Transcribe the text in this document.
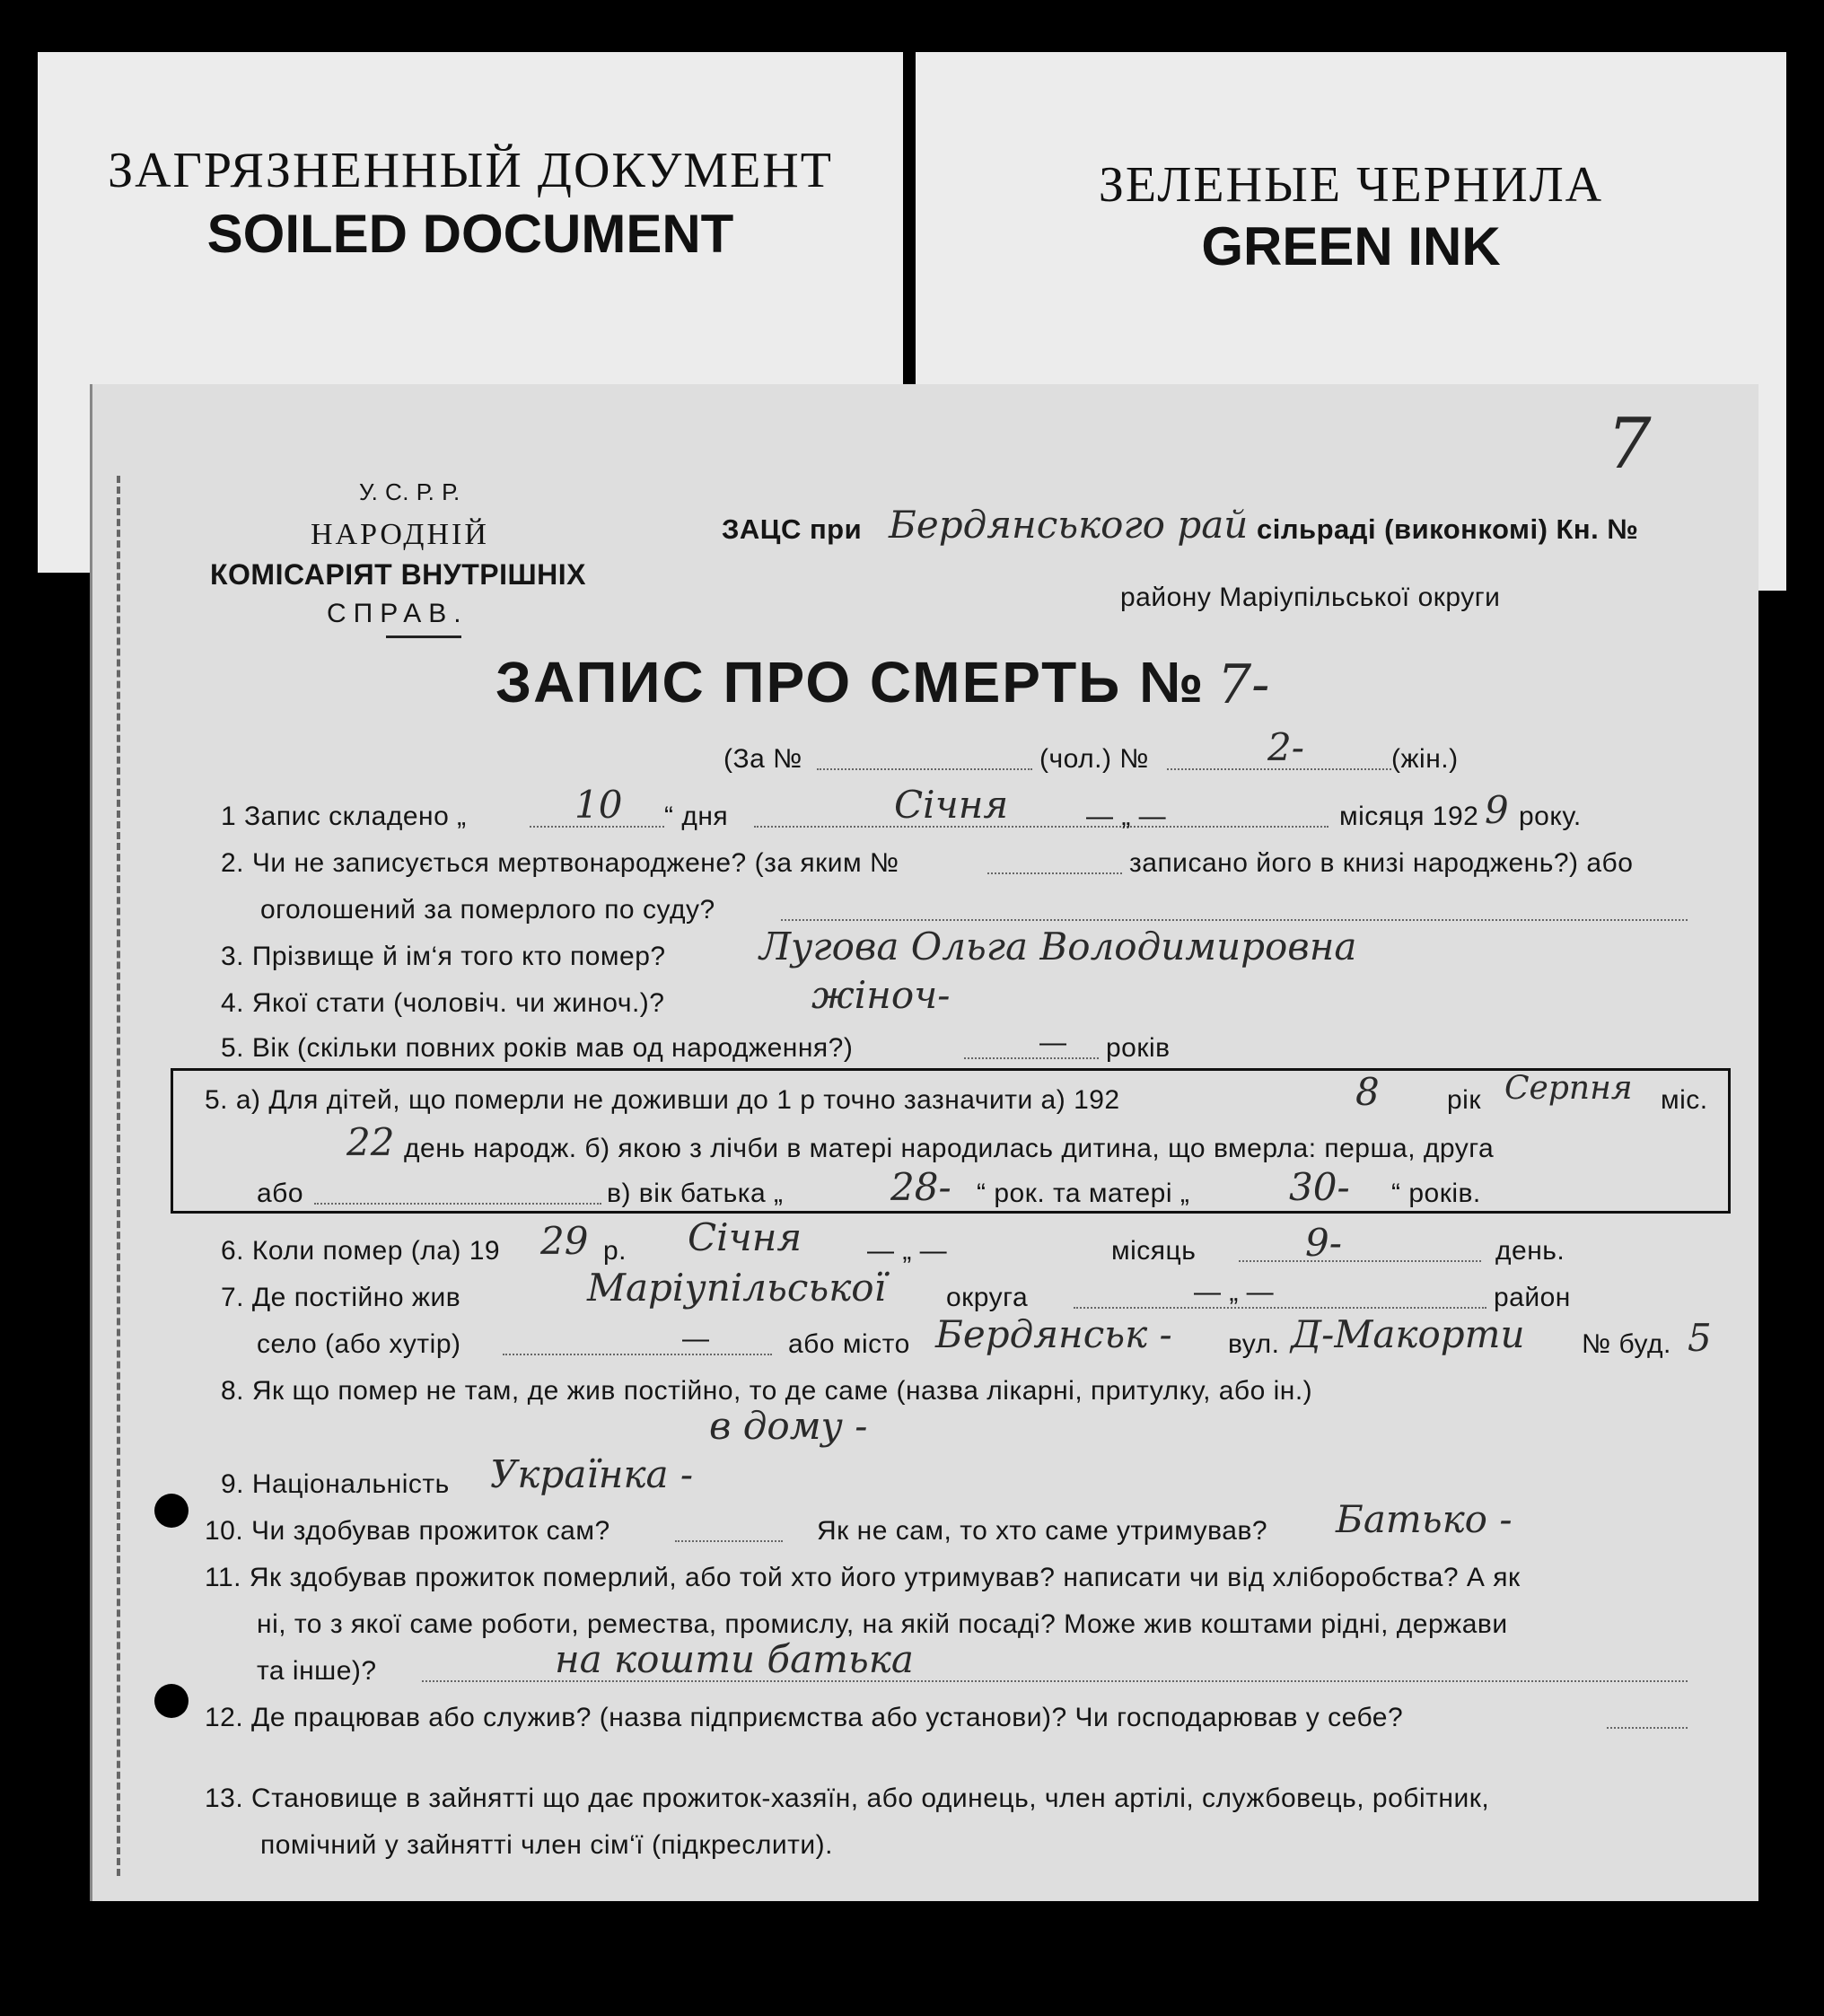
ЗАГРЯЗНЕННЫЙ ДОКУМЕНТ
SOILED DOCUMENT
ЗЕЛЕНЫЕ ЧЕРНИЛА
GREEN INK
У. С. Р. Р.
НАРОДНІЙ
КОМІСАРІЯТ ВНУТРІШНІХ
СПРАВ.
7
ЗАЦС при Бердянського рай сільраді (виконкомі) Кн. №
району Маріупільської округи
ЗАПИС ПРО СМЕРТЬ № 7-
(За №	(чол.) №	2-	(жін.)
1 Запис складено „	10 “ дня	Січня	— „ —	місяця 192 9 року.
2. Чи не записується мертвонароджене? (за яким №	записано його в книзі народжень?) або
оголошений за померлого по суду?
3. Прізвище й ім‘я того кто помер? Лугова Ольга Володимировна
4. Якої стати (чоловіч. чи жиноч.)?	жіноч-
5. Вік (скільки повних років мав од народження?)	— років
5. а) Для дітей, що померли не доживши до 1 р точно зазначити а) 192	8	рік Серпня міс.
22 день народж. б) якою з лічби в матері народилась дитина, що вмерла: перша, друга
або	в) вік батька „	28- “ рок. та матері „	30- “ років.
6. Коли помер (ла) 19 29 р. Січня — „ —	місяць	9-	день.
7. Де постійно жив	Маріупільської округа	— „ —	район
село (або хутір)	—	або місто Бердянськ - вул. Д-Макорти № буд. 5
8. Як що помер не там, де жив постійно, то де саме (назва лікарні, притулку, або ін.)
в дому -
9. Національність Українка -
10. Чи здобував прожиток сам?	Як не сам, то хто саме утримував? Батько -
11. Як здобував прожиток померлий, або той хто його утримував? написати чи від хліборобства? А як
ні, то з якої саме роботи, ремества, промислу, на якій посаді? Може жив коштами рідні, держави
та інше)?	на кошти батька
12. Де працював або служив? (назва підприємства або установи)? Чи господарював у себе?
13. Становище в зайнятті що дає прожиток-хазяїн, або одинець, член артілі, службовець, робітник,
помічний у зайнятті член сім‘ї (підкреслити).
